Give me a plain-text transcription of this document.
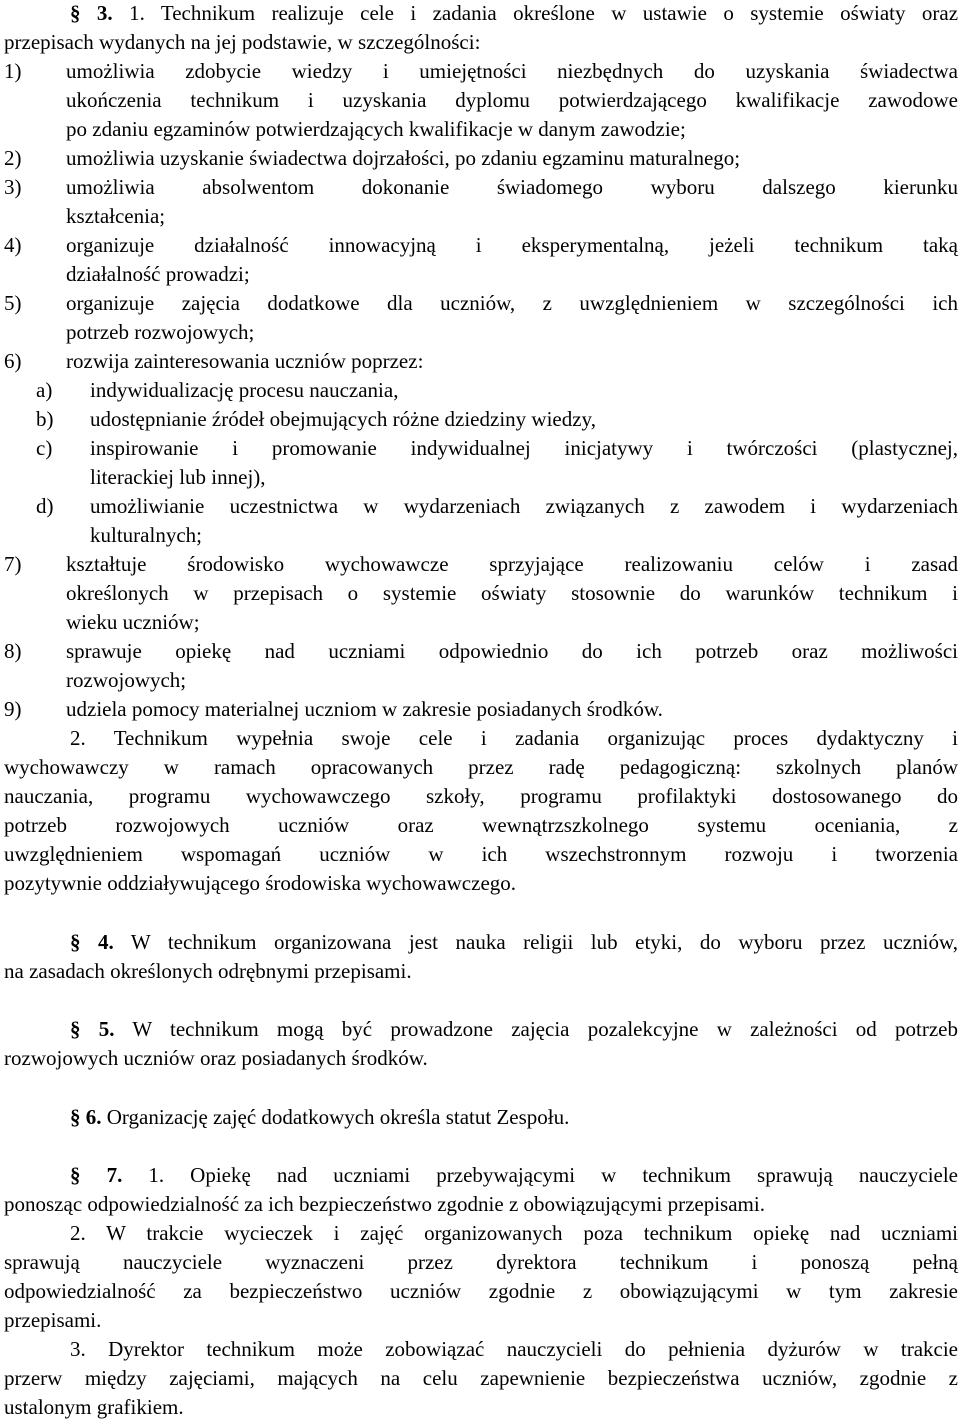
§ 3. 1. Technikum realizuje cele i zadania określone w ustawie o systemie oświaty oraz
przepisach wydanych na jej podstawie, w szczególności:
1)	umożliwia zdobycie wiedzy i umiejętności niezbędnych do uzyskania świadectwa
ukończenia technikum i uzyskania dyplomu potwierdzającego kwalifikacje zawodowe
po zdaniu egzaminów potwierdzających kwalifikacje w danym zawodzie;
2)	umożliwia uzyskanie świadectwa dojrzałości, po zdaniu egzaminu maturalnego;
3)	umożliwia absolwentom dokonanie świadomego wyboru dalszego kierunku
kształcenia;
4)	organizuje działalność innowacyjną i eksperymentalną, jeżeli technikum taką
działalność prowadzi;
5)	organizuje zajęcia dodatkowe dla uczniów, z uwzględnieniem w szczególności ich
potrzeb rozwojowych;
6)	rozwija zainteresowania uczniów poprzez:
a)	indywidualizację procesu nauczania,
b)	udostępnianie źródeł obejmujących różne dziedziny wiedzy,
c)	inspirowanie i promowanie indywidualnej inicjatywy i twórczości (plastycznej,
literackiej lub innej),
d)	umożliwianie uczestnictwa w wydarzeniach związanych z zawodem i wydarzeniach
kulturalnych;
7)	kształtuje środowisko wychowawcze sprzyjające realizowaniu celów i zasad
określonych w przepisach o systemie oświaty stosownie do warunków technikum i
wieku uczniów;
8)	sprawuje opiekę nad uczniami odpowiednio do ich potrzeb oraz możliwości
rozwojowych;
9)	udziela pomocy materialnej uczniom w zakresie posiadanych środków.
2. Technikum wypełnia swoje cele i zadania organizując proces dydaktyczny i
wychowawczy w ramach opracowanych przez radę pedagogiczną: szkolnych planów
nauczania, programu wychowawczego szkoły, programu profilaktyki dostosowanego do
potrzeb rozwojowych uczniów oraz wewnątrzszkolnego systemu oceniania, z
uwzględnieniem wspomagań uczniów w ich wszechstronnym rozwoju i tworzenia
pozytywnie oddziaływującego środowiska wychowawczego.
§ 4. W technikum organizowana jest nauka religii lub etyki, do wyboru przez uczniów,
na zasadach określonych odrębnymi przepisami.
§ 5. W technikum mogą być prowadzone zajęcia pozalekcyjne w zależności od potrzeb
rozwojowych uczniów oraz posiadanych środków.
§ 6. Organizację zajęć dodatkowych określa statut Zespołu.
§ 7. 1. Opiekę nad uczniami przebywającymi w technikum sprawują nauczyciele
ponosząc odpowiedzialność za ich bezpieczeństwo zgodnie z obowiązującymi przepisami.
2. W trakcie wycieczek i zajęć organizowanych poza technikum opiekę nad uczniami
sprawują nauczyciele wyznaczeni przez dyrektora technikum i ponoszą pełną
odpowiedzialność za bezpieczeństwo uczniów zgodnie z obowiązującymi w tym zakresie
przepisami.
3. Dyrektor technikum może zobowiązać nauczycieli do pełnienia dyżurów w trakcie
przerw między zajęciami, mających na celu zapewnienie bezpieczeństwa uczniów, zgodnie z
ustalonym grafikiem.
